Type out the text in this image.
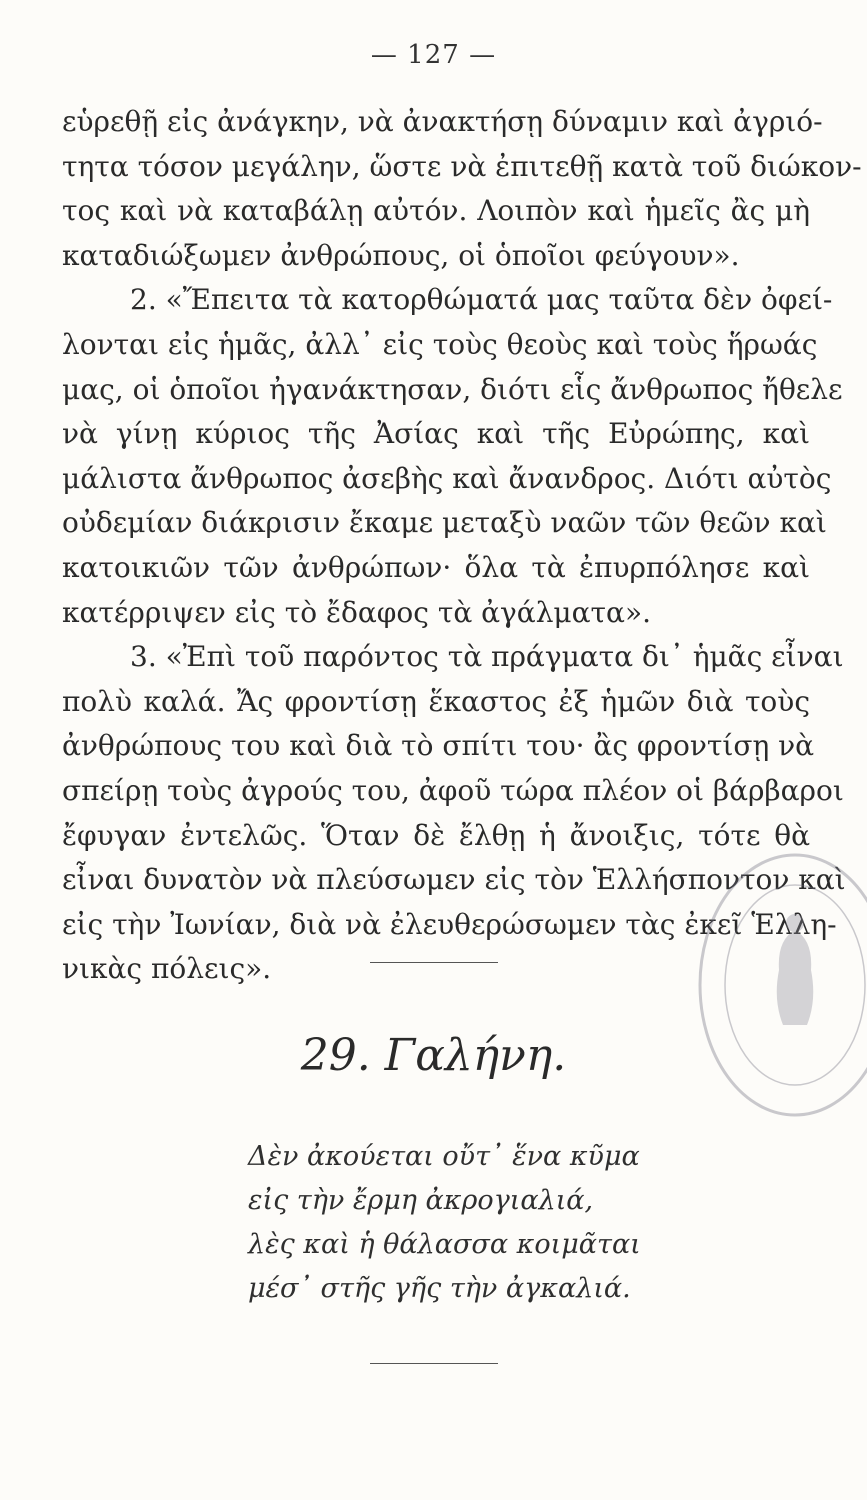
— 127 —
εὑρεθῇ εἰς ἀνάγκην, νὰ ἀνακτήσῃ δύναμιν καὶ ἀγριό-
τητα τόσον μεγάλην, ὥστε νὰ ἐπιτεθῇ κατὰ τοῦ διώκον-
τος καὶ νὰ καταβάλῃ αὐτόν. Λοιπὸν καὶ ἡμεῖς ἂς μὴ
καταδιώξωμεν ἀνθρώπους, οἱ ὁποῖοι φεύγουν».
2. «Ἔπειτα τὰ κατορθώματά μας ταῦτα δὲν ὀφεί-
λονται εἰς ἡμᾶς, ἀλλ᾿ εἰς τοὺς θεοὺς καὶ τοὺς ἥρωάς
μας, οἱ ὁποῖοι ἠγανάκτησαν, διότι εἷς ἄνθρωπος ἤθελε
νὰ γίνῃ κύριος τῆς Ἀσίας καὶ τῆς Εὐρώπης, καὶ
μάλιστα ἄνθρωπος ἀσεβὴς καὶ ἄνανδρος. Διότι αὐτὸς
οὐδεμίαν διάκρισιν ἔκαμε μεταξὺ ναῶν τῶν θεῶν καὶ
κατοικιῶν τῶν ἀνθρώπων· ὅλα τὰ ἐπυρπόλησε καὶ
κατέρριψεν εἰς τὸ ἔδαφος τὰ ἀγάλματα».
3. «Ἐπὶ τοῦ παρόντος τὰ πράγματα δι᾿ ἡμᾶς εἶναι
πολὺ καλά. Ἄς φροντίσῃ ἕκαστος ἐξ ἡμῶν διὰ τοὺς
ἀνθρώπους του καὶ διὰ τὸ σπίτι του· ἂς φροντίσῃ νὰ
σπείρῃ τοὺς ἀγρούς του, ἀφοῦ τώρα πλέον οἱ βάρβαροι
ἔφυγαν ἐντελῶς. Ὅταν δὲ ἔλθῃ ἡ ἄνοιξις, τότε θὰ
εἶναι δυνατὸν νὰ πλεύσωμεν εἰς τὸν Ἑλλήσποντον καὶ
εἰς τὴν Ἰωνίαν, διὰ νὰ ἐλευθερώσωμεν τὰς ἐκεῖ Ἑλλη-
νικὰς πόλεις».
29. Γαλήνη.
Δὲν ἀκούεται οὔτ᾿ ἕνα κῦμα
εἰς τὴν ἔρμη ἀκρογιαλιά,
λὲς καὶ ἡ θάλασσα κοιμᾶται
μέσ᾿ στῆς γῆς τὴν ἀγκαλιά.
